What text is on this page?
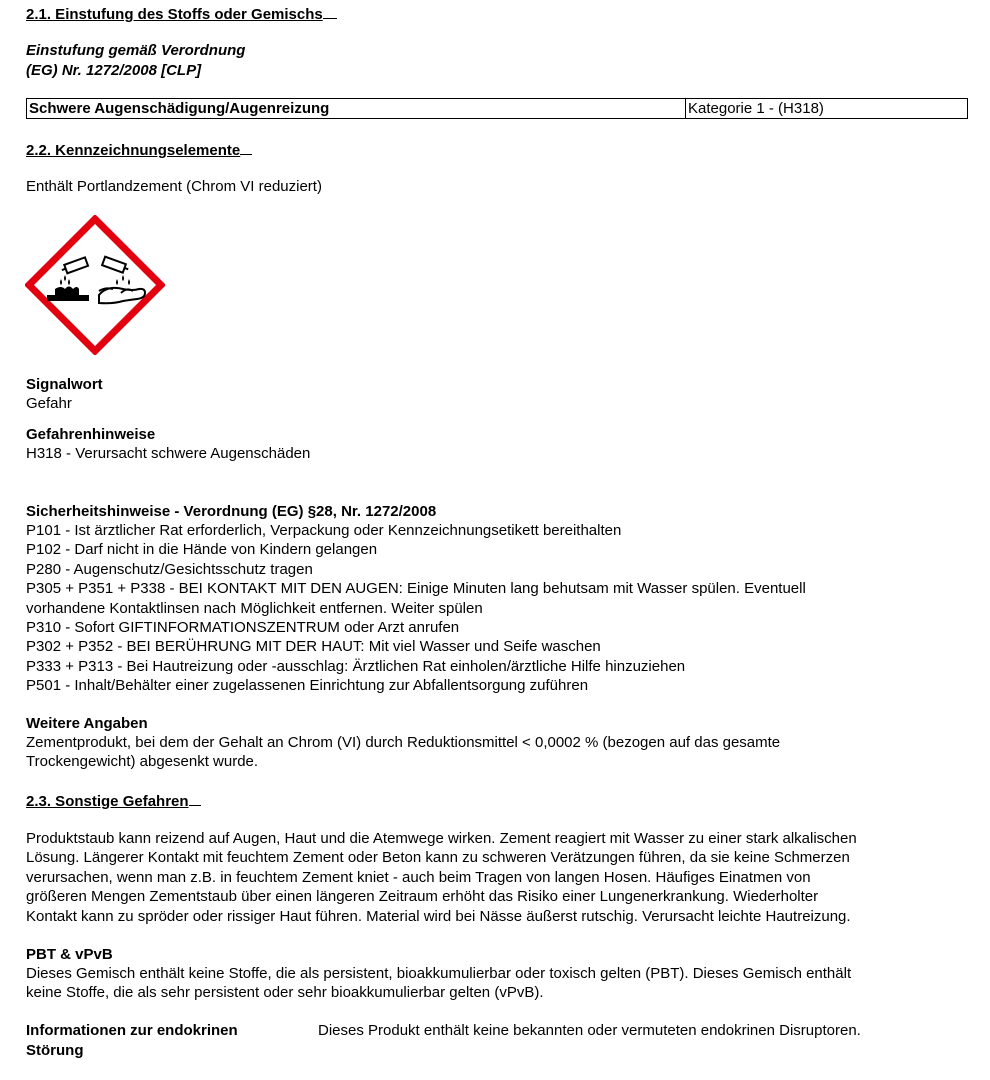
2.1. Einstufung des Stoffs oder Gemischs
Einstufung gemäß Verordnung
(EG) Nr. 1272/2008 [CLP]
Schwere Augenschädigung/Augenreizung	Kategorie 1 - (H318)
2.2. Kennzeichnungselemente
Enthält Portlandzement (Chrom VI reduziert)
Signalwort
Gefahr
Gefahrenhinweise
H318 - Verursacht schwere Augenschäden
Sicherheitshinweise - Verordnung (EG) §28, Nr. 1272/2008
P101 - Ist ärztlicher Rat erforderlich, Verpackung oder Kennzeichnungsetikett bereithalten
P102 - Darf nicht in die Hände von Kindern gelangen
P280 - Augenschutz/Gesichtsschutz tragen
P305 + P351 + P338 - BEI KONTAKT MIT DEN AUGEN: Einige Minuten lang behutsam mit Wasser spülen. Eventuell
vorhandene Kontaktlinsen nach Möglichkeit entfernen. Weiter spülen
P310 - Sofort GIFTINFORMATIONSZENTRUM oder Arzt anrufen
P302 + P352 - BEI BERÜHRUNG MIT DER HAUT: Mit viel Wasser und Seife waschen
P333 + P313 - Bei Hautreizung oder -ausschlag: Ärztlichen Rat einholen/ärztliche Hilfe hinzuziehen
P501 - Inhalt/Behälter einer zugelassenen Einrichtung zur Abfallentsorgung zuführen
Weitere Angaben
Zementprodukt, bei dem der Gehalt an Chrom (VI) durch Reduktionsmittel < 0,0002 % (bezogen auf das gesamte
Trockengewicht) abgesenkt wurde.
2.3. Sonstige Gefahren
Produktstaub kann reizend auf Augen, Haut und die Atemwege wirken. Zement reagiert mit Wasser zu einer stark alkalischen
Lösung. Längerer Kontakt mit feuchtem Zement oder Beton kann zu schweren Verätzungen führen, da sie keine Schmerzen
verursachen, wenn man z.B. in feuchtem Zement kniet - auch beim Tragen von langen Hosen. Häufiges Einatmen von
größeren Mengen Zementstaub über einen längeren Zeitraum erhöht das Risiko einer Lungenerkrankung. Wiederholter
Kontakt kann zu spröder oder rissiger Haut führen. Material wird bei Nässe äußerst rutschig. Verursacht leichte Hautreizung.
PBT & vPvB
Dieses Gemisch enthält keine Stoffe, die als persistent, bioakkumulierbar oder toxisch gelten (PBT). Dieses Gemisch enthält
keine Stoffe, die als sehr persistent oder sehr bioakkumulierbar gelten (vPvB).
Informationen zur endokrinen
Störung
Dieses Produkt enthält keine bekannten oder vermuteten endokrinen Disruptoren.
